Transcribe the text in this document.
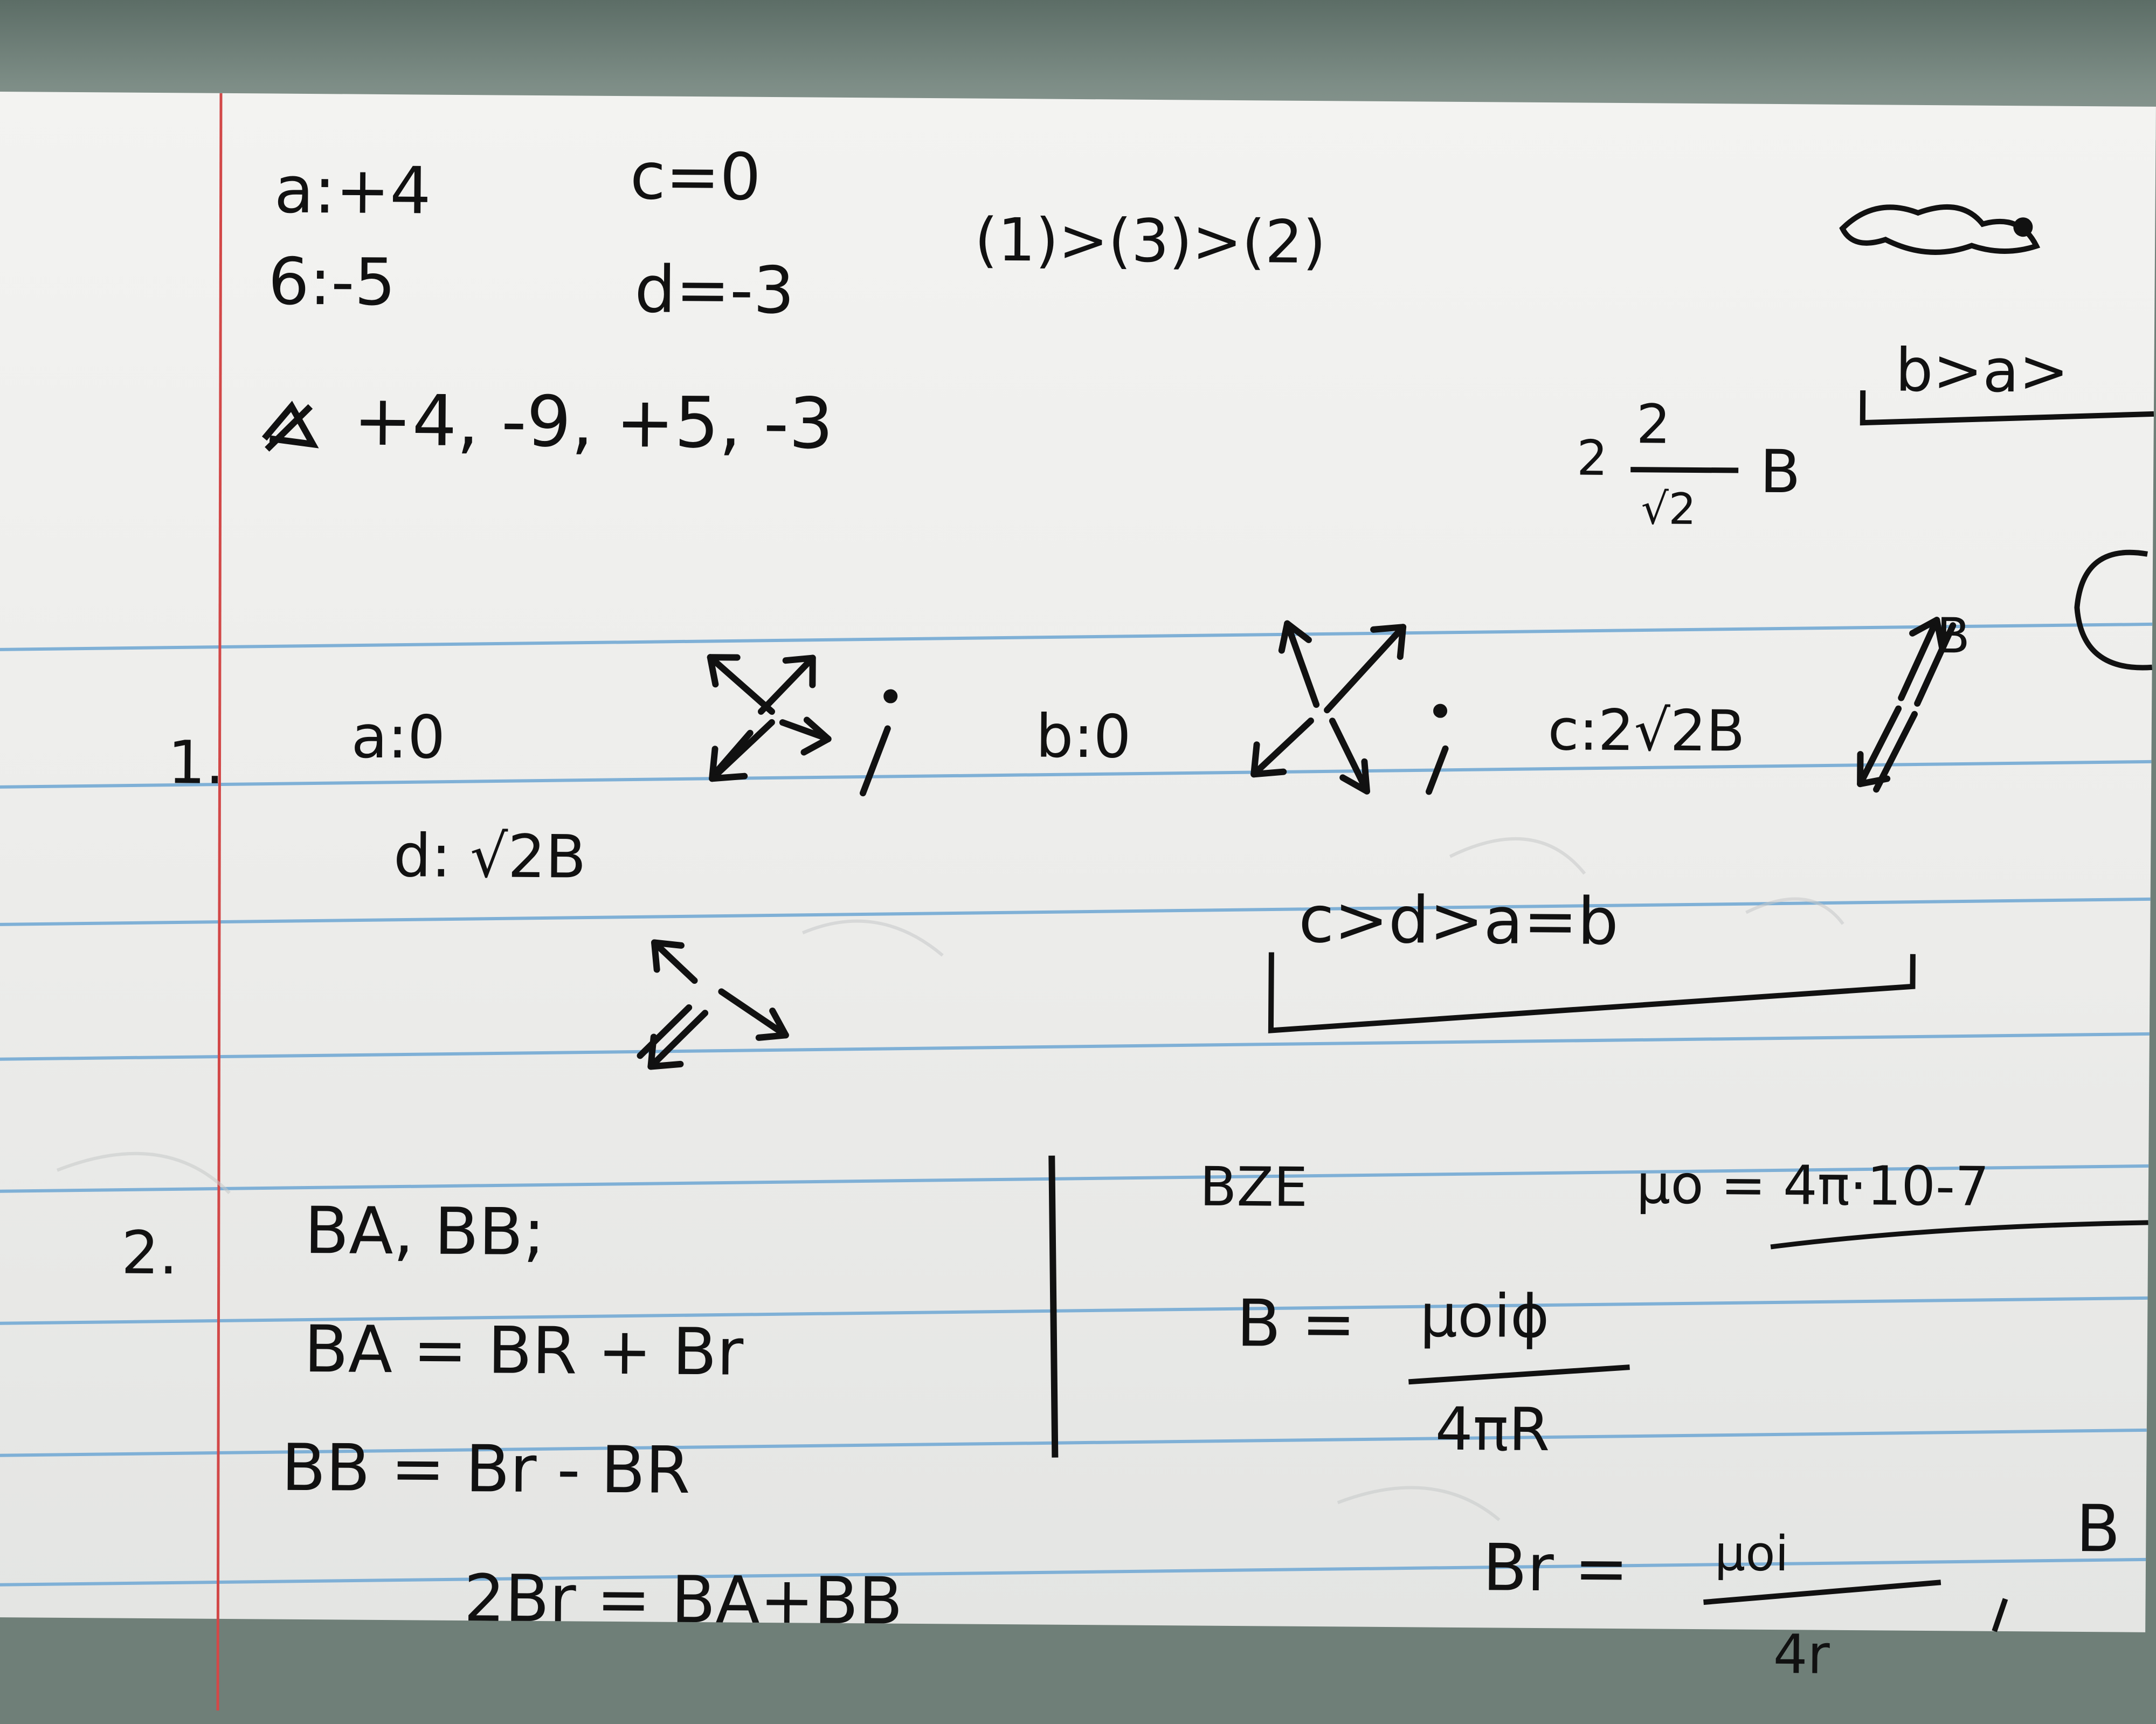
a:+4	c=0
6:-5	d=-3
(1)>(3)>(2)
+4, -9, +5, -3	2
2
√2
B
b>a>
1. a:0	b:0	c:2√2B
B
d: √2B
c>d>a=b
2. BA, BB;
BA = BR + Br
BB = Br - BR
2Br = BA+BB
BZE	μo = 4π·10-7
B = μoiϕ
4πR
Br = μoi
4r
B
